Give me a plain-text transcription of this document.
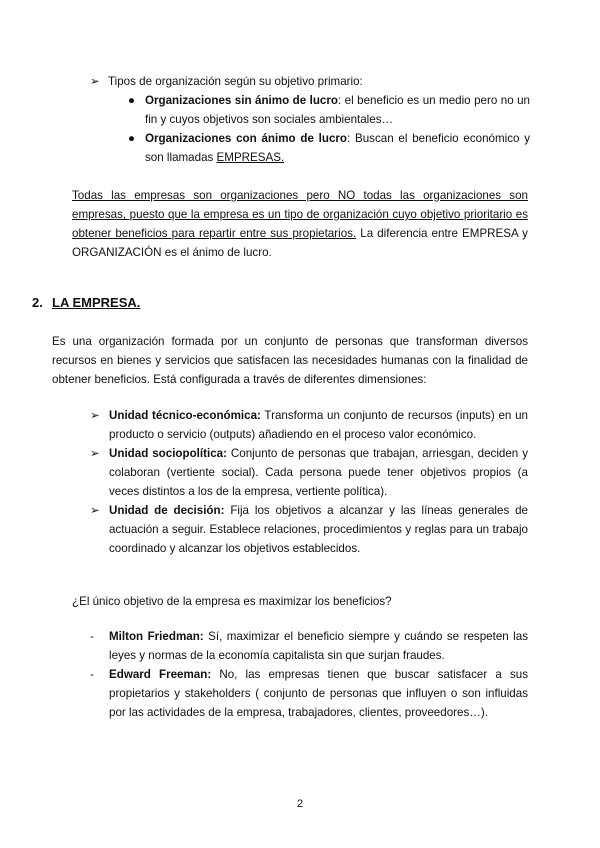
➢ Tipos de organización según su objetivo primario:
● Organizaciones sin ánimo de lucro: el beneficio es un medio pero no un fin y cuyos objetivos son sociales ambientales…
● Organizaciones con ánimo de lucro: Buscan el beneficio económico y son llamadas EMPRESAS.
Todas las empresas son organizaciones pero NO todas las organizaciones son empresas, puesto que la empresa es un tipo de organización cuyo objetivo prioritario es obtener beneficios para repartir entre sus propietarios. La diferencia entre EMPRESA y ORGANIZACIÓN es el ánimo de lucro.
2. LA EMPRESA.
Es una organización formada por un conjunto de personas que transforman diversos recursos en bienes y servicios que satisfacen las necesidades humanas con la finalidad de obtener beneficios. Está configurada a través de diferentes dimensiones:
➢ Unidad técnico-económica: Transforma un conjunto de recursos (inputs) en un producto o servicio (outputs) añadiendo en el proceso valor económico.
➢ Unidad sociopolítica: Conjunto de personas que trabajan, arriesgan, deciden y colaboran (vertiente social). Cada persona puede tener objetivos propios (a veces distintos a los de la empresa, vertiente política).
➢ Unidad de decisión: Fija los objetivos a alcanzar y las líneas generales de actuación a seguir. Establece relaciones, procedimientos y reglas para un trabajo coordinado y alcanzar los objetivos establecidos.
¿El único objetivo de la empresa es maximizar los beneficios?
- Milton Friedman: Sí, maximizar el beneficio siempre y cuándo se respeten las leyes y normas de la economía capitalista sin que surjan fraudes.
- Edward Freeman: No, las empresas tienen que buscar satisfacer a sus propietarios y stakeholders ( conjunto de personas que influyen o son influidas por las actividades de la empresa, trabajadores, clientes, proveedores…).
2
